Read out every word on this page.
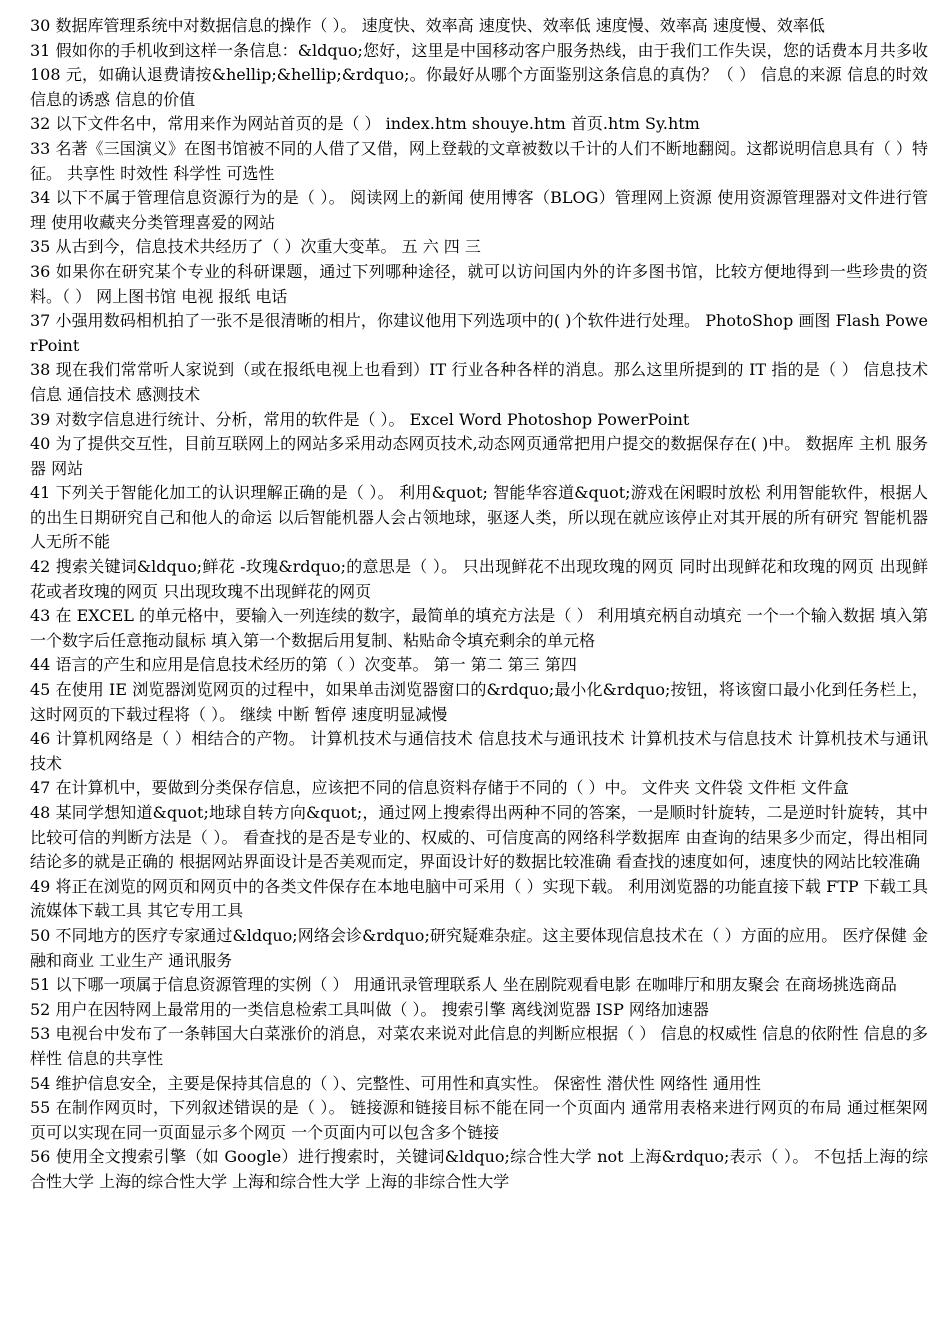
30 数据库管理系统中对数据信息的操作（ ）。 速度快、效率高 速度快、效率低 速度慢、效率高 速度慢、效率低

31 假如你的手机收到这样一条信息：&ldquo;您好，这里是中国移动客户服务热线，由于我们工作失误，您的话费本月共多收 108 元，如确认退费请按&hellip;&hellip;&rdquo;。你最好从哪个方面鉴别这条信息的真伪？（ ） 信息的来源 信息的时效 信息的诱惑 信息的价值

32 以下文件名中，常用来作为网站首页的是（ ） index.htm shouye.htm 首页.htm Sy.htm

33 名著《三国演义》在图书馆被不同的人借了又借，网上登载的文章被数以千计的人们不断地翻阅。这都说明信息具有（ ）特征。 共享性 时效性 科学性 可选性

34 以下不属于管理信息资源行为的是（ ）。 阅读网上的新闻 使用博客（BLOG）管理网上资源 使用资源管理器对文件进行管理 使用收藏夹分类管理喜爱的网站

35 从古到今，信息技术共经历了（ ）次重大变革。 五 六 四 三

36 如果你在研究某个专业的科研课题，通过下列哪种途径，就可以访问国内外的许多图书馆，比较方便地得到一些珍贵的资料。（ ） 网上图书馆 电视 报纸 电话

37 小强用数码相机拍了一张不是很清晰的相片，你建议他用下列选项中的( )个软件进行处理。 PhotoShop 画图 Flash PowerPoint

38 现在我们常常听人家说到（或在报纸电视上也看到）IT 行业各种各样的消息。那么这里所提到的 IT 指的是（ ） 信息技术 信息 通信技术 感测技术

39 对数字信息进行统计、分析，常用的软件是（ ）。 Excel Word Photoshop PowerPoint

40 为了提供交互性，目前互联网上的网站多采用动态网页技术,动态网页通常把用户提交的数据保存在( )中。 数据库 主机 服务器 网站

41 下列关于智能化加工的认识理解正确的是（ ）。 利用&quot; 智能华容道&quot;游戏在闲暇时放松 利用智能软件，根据人的出生日期研究自己和他人的命运 以后智能机器人会占领地球，驱逐人类，所以现在就应该停止对其开展的所有研究 智能机器人无所不能

42 搜索关键词&ldquo;鲜花 -玫瑰&rdquo;的意思是（ ）。 只出现鲜花不出现玫瑰的网页 同时出现鲜花和玫瑰的网页 出现鲜花或者玫瑰的网页 只出现玫瑰不出现鲜花的网页

43 在 EXCEL 的单元格中，要输入一列连续的数字，最简单的填充方法是（ ） 利用填充柄自动填充 一个一个输入数据 填入第一个数字后任意拖动鼠标 填入第一个数据后用复制、粘贴命令填充剩余的单元格

44 语言的产生和应用是信息技术经历的第（ ）次变革。 第一 第二 第三 第四

45 在使用 IE 浏览器浏览网页的过程中，如果单击浏览器窗口的&rdquo;最小化&rdquo;按钮，将该窗口最小化到任务栏上，这时网页的下载过程将（ ）。 继续 中断 暂停 速度明显减慢

46 计算机网络是（ ）相结合的产物。 计算机技术与通信技术 信息技术与通讯技术 计算机技术与信息技术 计算机技术与通讯技术

47 在计算机中，要做到分类保存信息，应该把不同的信息资料存储于不同的（ ）中。 文件夹 文件袋 文件柜 文件盒

48 某同学想知道&quot;地球自转方向&quot;，通过网上搜索得出两种不同的答案，一是顺时针旋转，二是逆时针旋转，其中比较可信的判断方法是（ ）。 看查找的是否是专业的、权威的、可信度高的网络科学数据库 由查询的结果多少而定，得出相同结论多的就是正确的 根据网站界面设计是否美观而定，界面设计好的数据比较准确 看查找的速度如何，速度快的网站比较准确

49 将正在浏览的网页和网页中的各类文件保存在本地电脑中可采用（ ）实现下载。 利用浏览器的功能直接下载 FTP 下载工具 流媒体下载工具 其它专用工具

50 不同地方的医疗专家通过&ldquo;网络会诊&rdquo;研究疑难杂症。这主要体现信息技术在（ ）方面的应用。 医疗保健 金融和商业 工业生产 通讯服务

51 以下哪一项属于信息资源管理的实例（ ） 用通讯录管理联系人 坐在剧院观看电影 在咖啡厅和朋友聚会 在商场挑选商品

52 用户在因特网上最常用的一类信息检索工具叫做（ ）。 搜索引擎 离线浏览器 ISP 网络加速器

53 电视台中发布了一条韩国大白菜涨价的消息，对菜农来说对此信息的判断应根据（ ） 信息的权威性 信息的依附性 信息的多样性 信息的共享性

54 维护信息安全，主要是保持其信息的（ ）、完整性、可用性和真实性。 保密性 潜伏性 网络性 通用性

55 在制作网页时，下列叙述错误的是（ ）。 链接源和链接目标不能在同一个页面内 通常用表格来进行网页的布局 通过框架网页可以实现在同一页面显示多个网页 一个页面内可以包含多个链接

56 使用全文搜索引擎（如 Google）进行搜索时，关键词&ldquo;综合性大学 not 上海&rdquo;表示（ ）。 不包括上海的综合性大学 上海的综合性大学 上海和综合性大学 上海的非综合性大学
